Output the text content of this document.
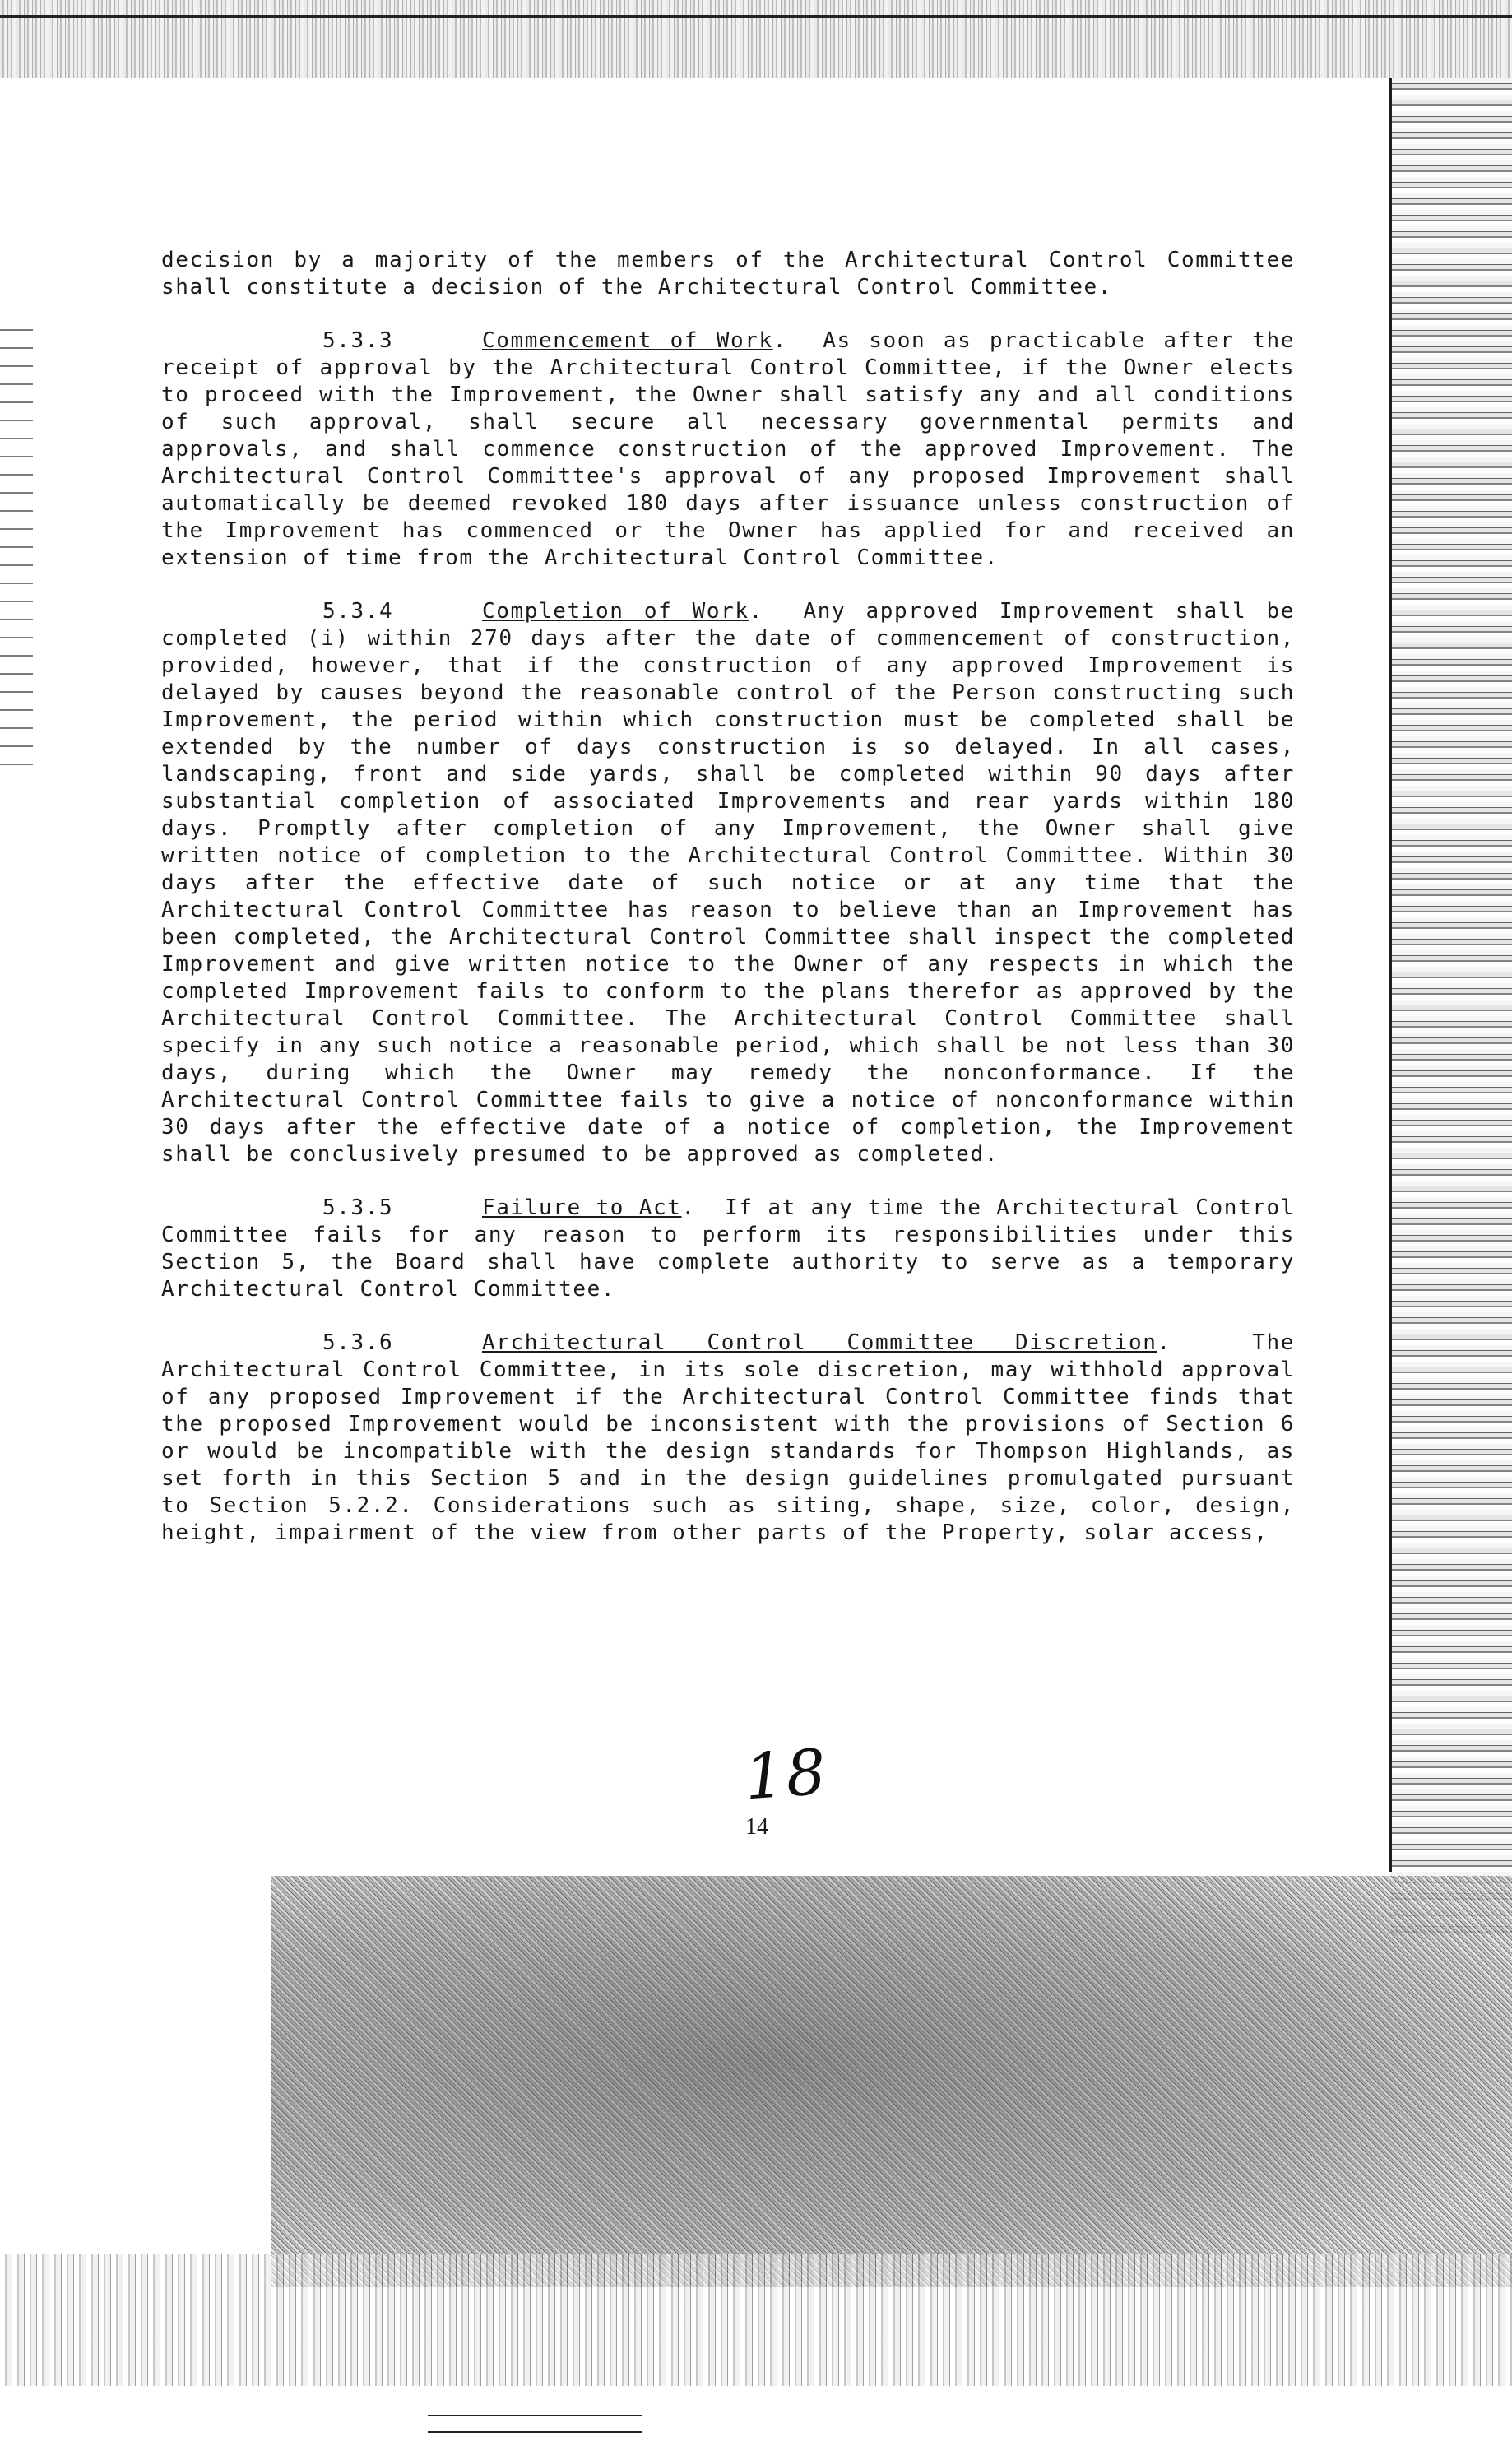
decision by a majority of the members of the Architectural Control Committee shall constitute a decision of the Architectural Control Committee.

5.3.3	Commencement of Work.  As soon as practicable after the receipt of approval by the Architectural Control Committee, if the Owner elects to proceed with the Improvement, the Owner shall satisfy any and all conditions of such approval, shall secure all necessary governmental permits and approvals, and shall commence construction of the approved Improvement. The Architectural Control Committee's approval of any proposed Improvement shall automatically be deemed revoked 180 days after issuance unless construction of the Improvement has commenced or the Owner has applied for and received an extension of time from the Architectural Control Committee.

5.3.4	Completion of Work.  Any approved Improvement shall be completed (i) within 270 days after the date of commencement of construction, provided, however, that if the construction of any approved Improvement is delayed by causes beyond the reasonable control of the Person constructing such Improvement, the period within which construction must be completed shall be extended by the number of days construction is so delayed. In all cases, landscaping, front and side yards, shall be completed within 90 days after substantial completion of associated Improvements and rear yards within 180 days. Promptly after completion of any Improvement, the Owner shall give written notice of completion to the Architectural Control Committee. Within 30 days after the effective date of such notice or at any time that the Architectural Control Committee has reason to believe than an Improvement has been completed, the Architectural Control Committee shall inspect the completed Improvement and give written notice to the Owner of any respects in which the completed Improvement fails to conform to the plans therefor as approved by the Architectural Control Committee. The Architectural Control Committee shall specify in any such notice a reasonable period, which shall be not less than 30 days, during which the Owner may remedy the nonconformance. If the Architectural Control Committee fails to give a notice of nonconformance within 30 days after the effective date of a notice of completion, the Improvement shall be conclusively presumed to be approved as completed.

5.3.5	Failure to Act.  If at any time the Architectural Control Committee fails for any reason to perform its responsibilities under this Section 5, the Board shall have complete authority to serve as a temporary Architectural Control Committee.

5.3.6	Architectural Control Committee Discretion.  The Architectural Control Committee, in its sole discretion, may withhold approval of any proposed Improvement if the Architectural Control Committee finds that the proposed Improvement would be inconsistent with the provisions of Section 6 or would be incompatible with the design standards for Thompson Highlands, as set forth in this Section 5 and in the design guidelines promulgated pursuant to Section 5.2.2. Considerations such as siting, shape, size, color, design, height, impairment of the view from other parts of the Property, solar access,

18
14
